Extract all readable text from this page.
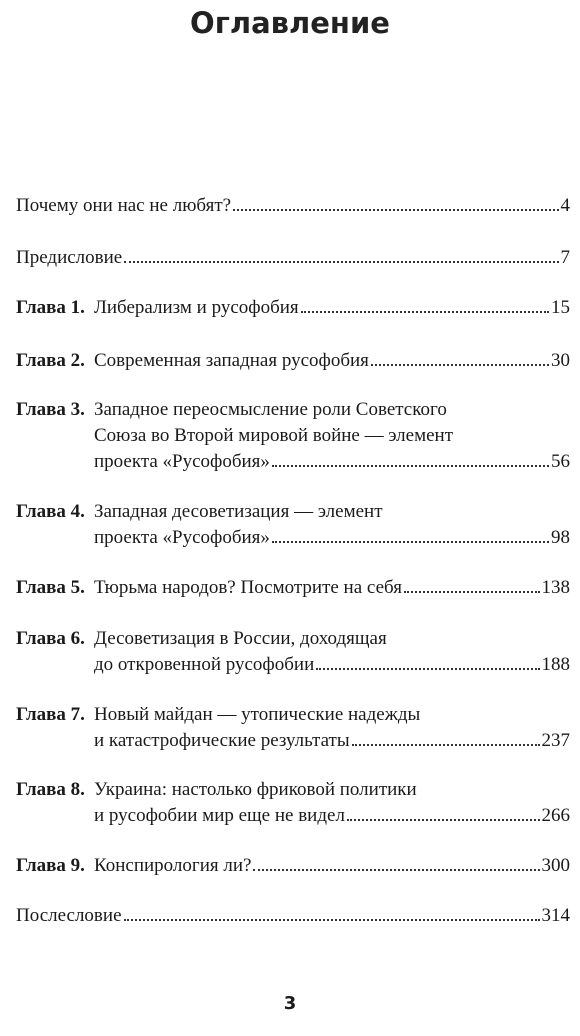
Оглавление
Почему они нас не любят?	4
Предисловие	7
Глава 1. Либерализм и русофобия	15
Глава 2. Современная западная русофобия	30
Глава 3. Западное переосмысление роли Советского
Союза во Второй мировой войне — элемент
проекта «Русофобия»	56
Глава 4. Западная десоветизация — элемент
проекта «Русофобия»	98
Глава 5. Тюрьма народов? Посмотрите на себя	138
Глава 6. Десоветизация в России, доходящая
до откровенной русофобии	188
Глава 7. Новый майдан — утопические надежды
и катастрофические результаты	237
Глава 8. Украина: настолько фриковой политики
и русофобии мир еще не видел	266
Глава 9. Конспирология ли?	300
Послесловие	314
3
